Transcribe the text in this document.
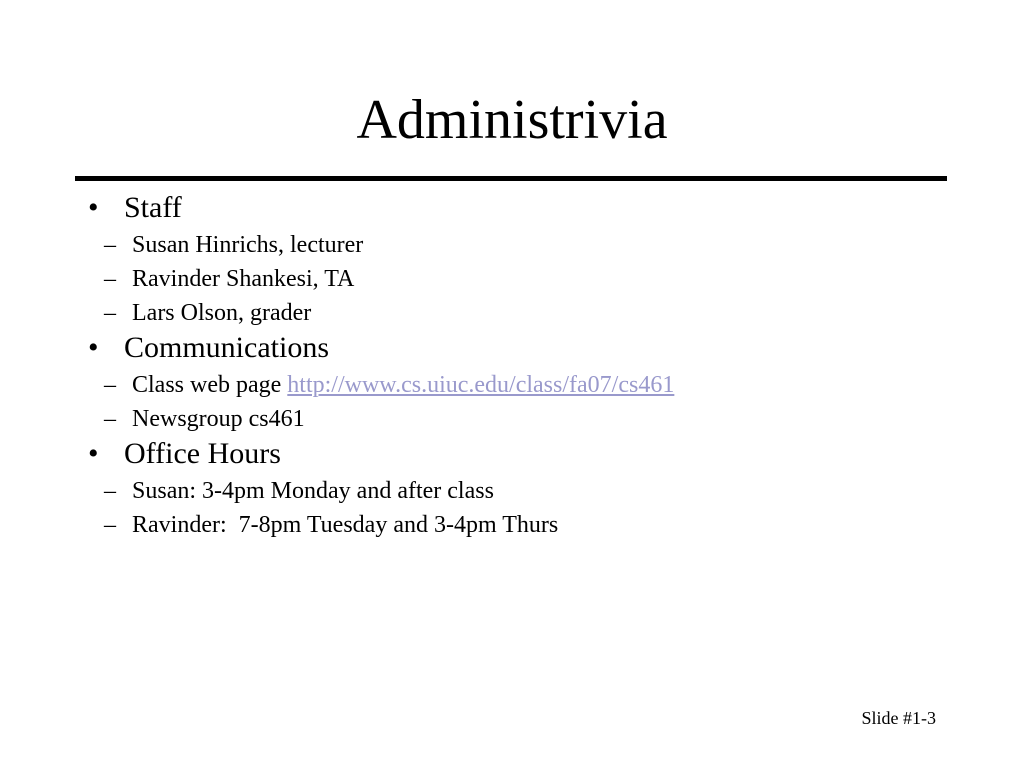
Administrivia
• Staff
– Susan Hinrichs, lecturer
– Ravinder Shankesi, TA
– Lars Olson, grader
• Communications
– Class web page http://www.cs.uiuc.edu/class/fa07/cs461
– Newsgroup cs461
• Office Hours
– Susan: 3-4pm Monday and after class
– Ravinder:  7-8pm Tuesday and 3-4pm Thurs
Slide #1-3
